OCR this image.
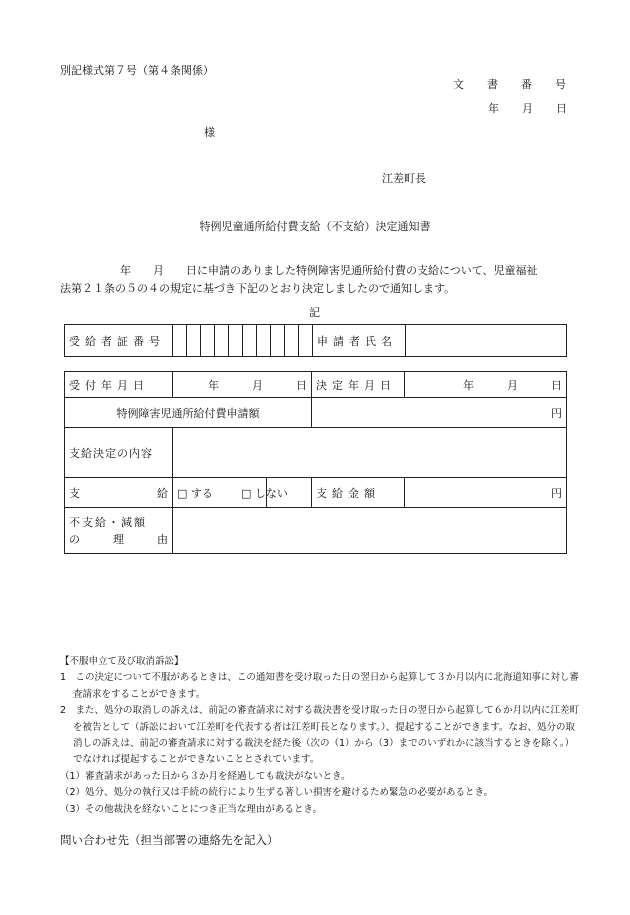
別記様式第７号（第４条関係）
文 書 番 号
年 月 日
様
江差町長
特例児童通所給付費支給（不支給）決定通知書
年　　月　　日に申請のありました特例障害児通所給付費の支給について、児童福祉
法第２１条の５の４の規定に基づき下記のとおり決定しましたので通知します。
記
受給者証番号											申請者氏名	
受付年月日	年　　　月　　　日		決定年月日	年　　　月　　　日
特例障害児通所給付費申請額			円	
支給決定の内容				

支 給	□ する	□ しない	支給金額	円

不支給・減額
の 理 由				

【不服申立て及び取消訴訟】
1　この決定について不服があるときは、この通知書を受け取った日の翌日から起算して３か月以内に北海道知事に対し審査請求をすることができます。
2　また、処分の取消しの訴えは、前記の審査請求に対する裁決書を受け取った日の翌日から起算して６か月以内に江差町を被告として（訴訟において江差町を代表する者は江差町長となります。）、提起することができます。なお、処分の取消しの訴えは、前記の審査請求に対する裁決を経た後（次の（1）から（3）までのいずれかに該当するときを除く。）でなければ提起することができないこととされています。
（1）審査請求があった日から３か月を経過しても裁決がないとき。
（2）処分、処分の執行又は手続の続行により生ずる著しい損害を避けるため緊急の必要があるとき。
（3）その他裁決を経ないことにつき正当な理由があるとき。
問い合わせ先（担当部署の連絡先を記入）
